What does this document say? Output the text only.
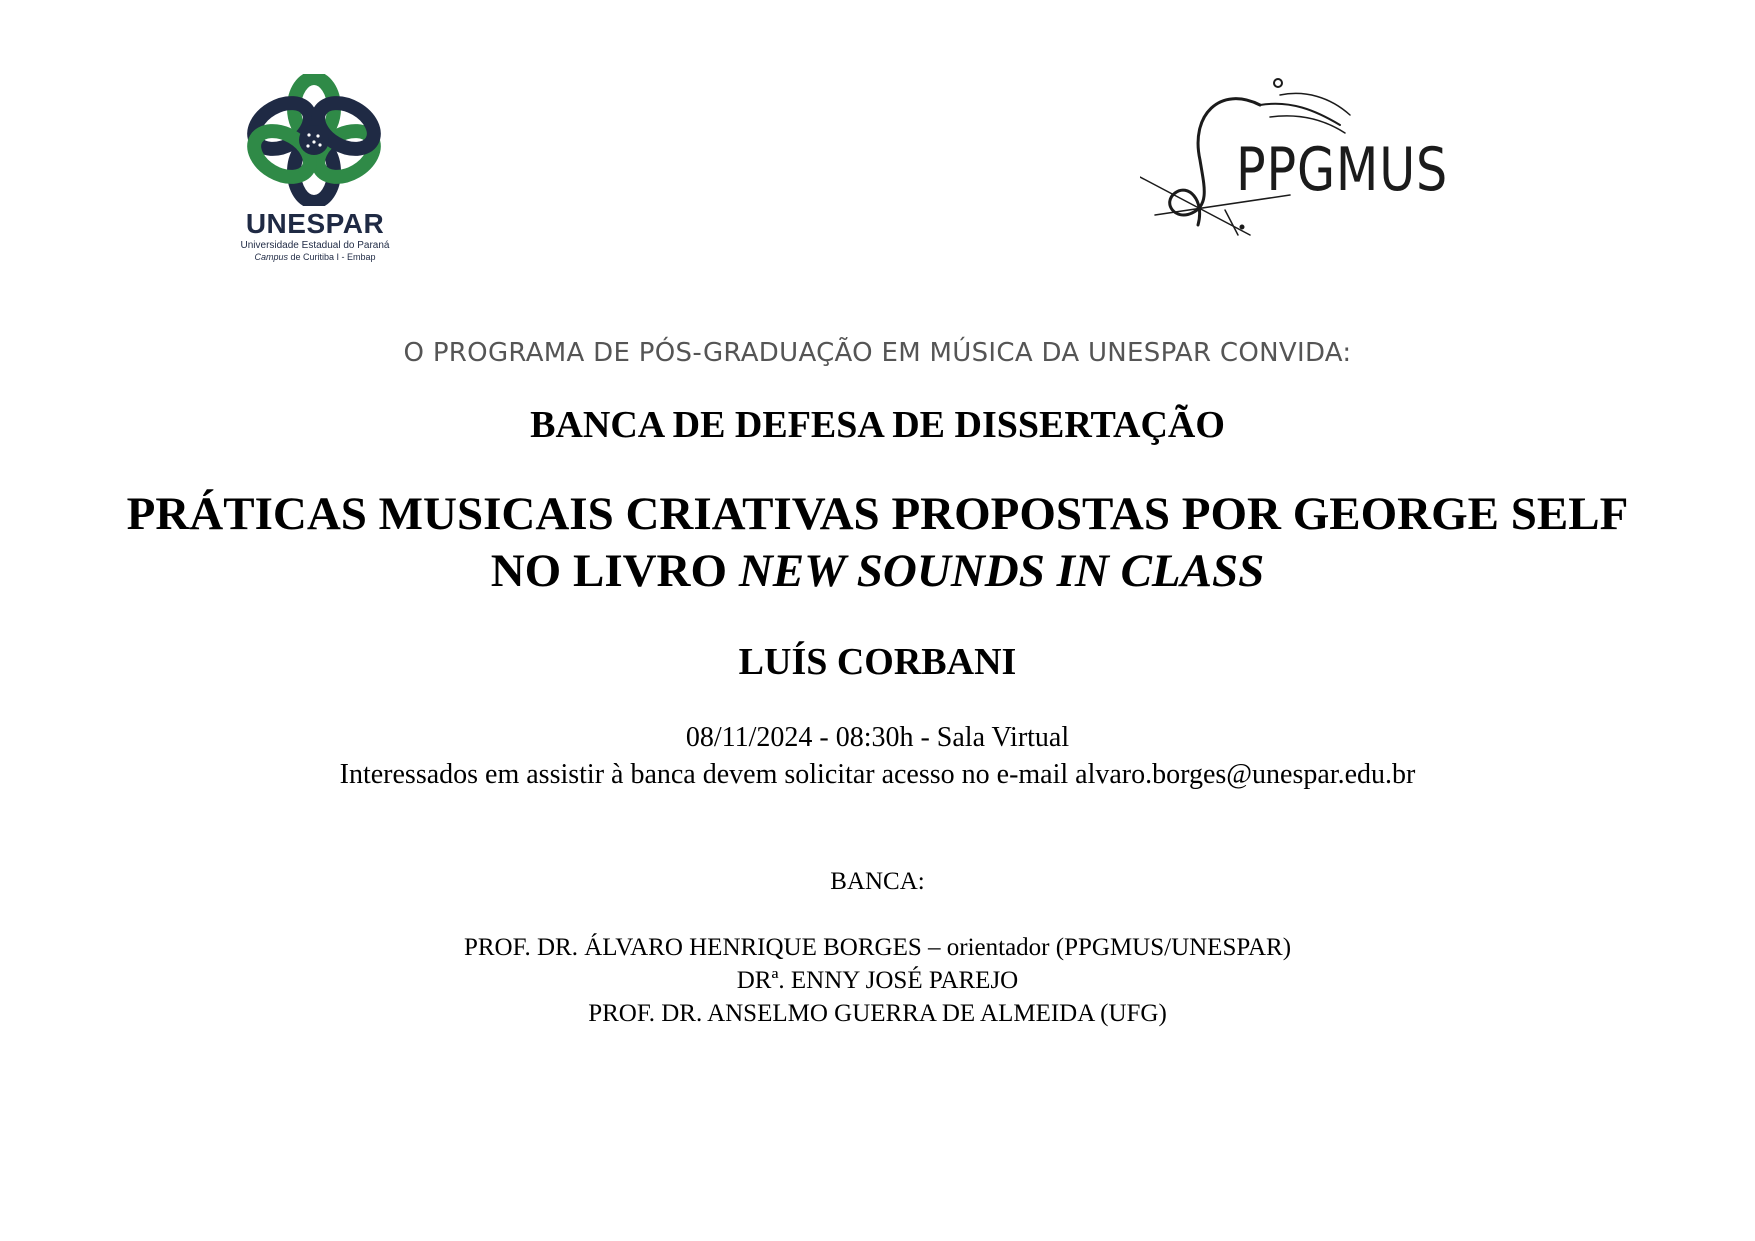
UNESPAR
Universidade Estadual do Paraná
Campus de Curitiba I - Embap
PPGMUS
O PROGRAMA DE PÓS-GRADUAÇÃO EM MÚSICA DA UNESPAR CONVIDA:
BANCA DE DEFESA DE DISSERTAÇÃO
PRÁTICAS MUSICAIS CRIATIVAS PROPOSTAS POR GEORGE SELF
NO LIVRO NEW SOUNDS IN CLASS
LUÍS CORBANI
08/11/2024 - 08:30h - Sala Virtual
Interessados em assistir à banca devem solicitar acesso no e-mail alvaro.borges@unespar.edu.br
BANCA:
PROF. DR. ÁLVARO HENRIQUE BORGES – orientador (PPGMUS/UNESPAR)
DRª. ENNY JOSÉ PAREJO
PROF. DR. ANSELMO GUERRA DE ALMEIDA (UFG)
